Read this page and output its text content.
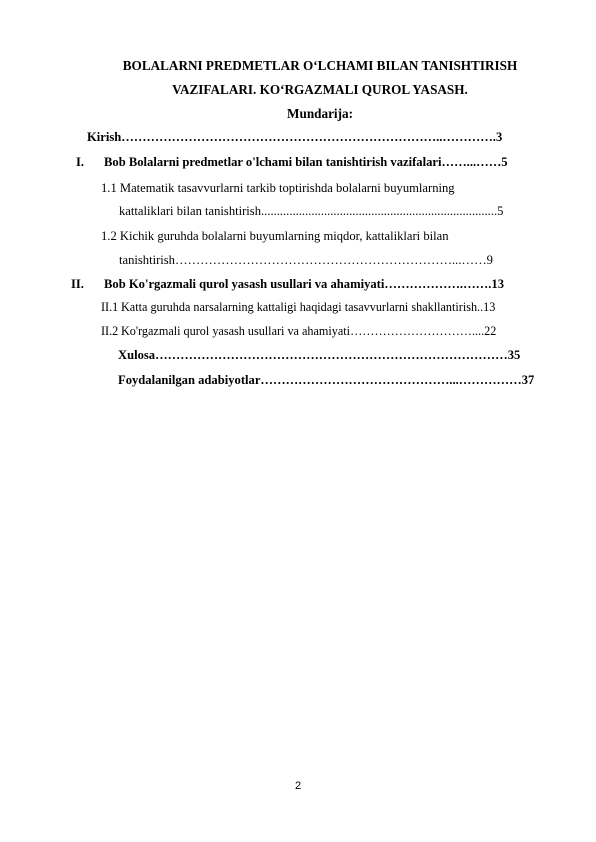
BOLALARNI PREDMETLAR O‘LCHAMI BILAN TANISHTIRISH
VAZIFALARI. KO‘RGAZMALI QUROL YASASH.
Mundarija:
Kirish…………………………………………………………………..………….3
I. Bob Bolalarni predmetlar o'lchami bilan tanishtirish vazifalari……...……5
1.1 Matematik tasavvurlarni tarkib toptirishda bolalarni buyumlarning
kattaliklari bilan tanishtirish...........................................................................5
1.2 Kichik guruhda bolalarni buyumlarning miqdor, kattaliklari bilan
tanishtirish…………………………………………………………...……9
II. Bob Ko'rgazmali qurol yasash usullari va ahamiyati……………….…….13
II.1 Katta guruhda narsalarning kattaligi haqidagi tasavvurlarni shakllantirish..13
II.2 Ko'rgazmali qurol yasash usullari va ahamiyati…………………………....22
Xulosa…………………………………………………………………………35
Foydalanilgan adabiyotlar………………………………………...……………37
2
